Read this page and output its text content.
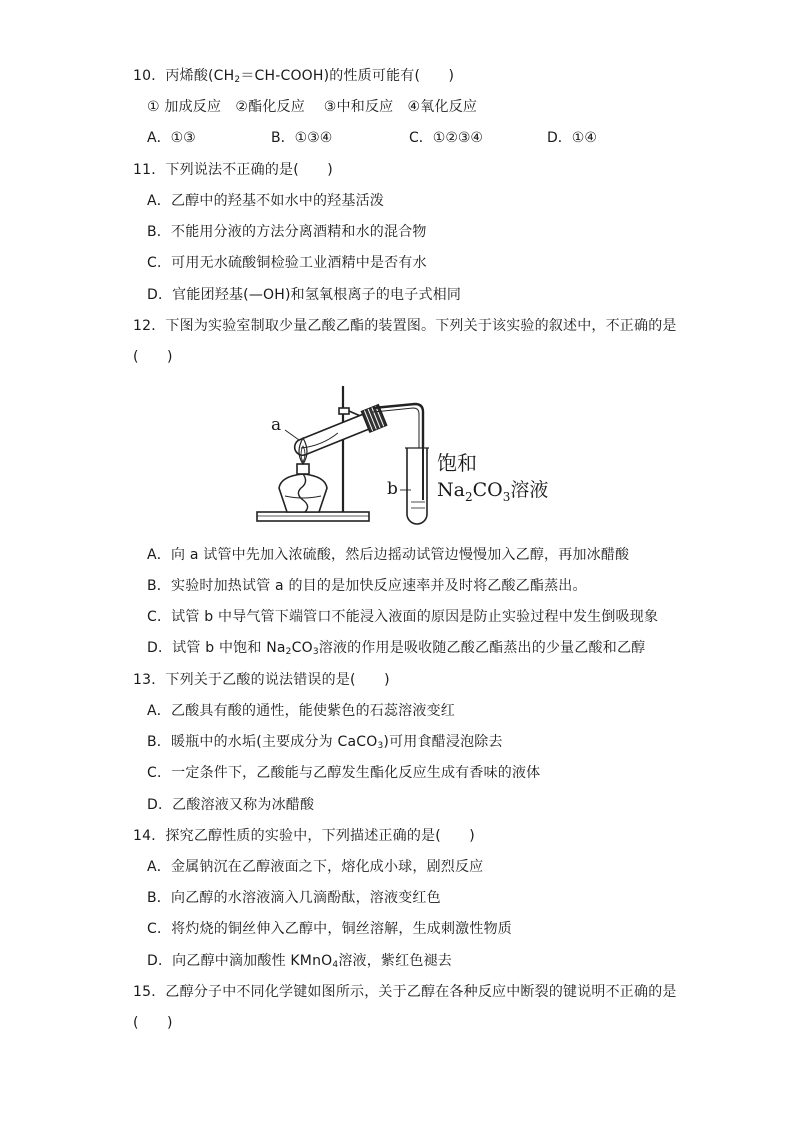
10．丙烯酸$(CH_2=CH-COOH)$的性质可能有(　　)
① 加成反应　②酯化反应　 ③中和反应　④氧化反应
A．①③	B．①③④	C．①②③④	D．①④
11．下列说法不正确的是(　　)
A．乙醇中的羟基不如水中的羟基活泼
B．不能用分液的方法分离酒精和水的混合物
C．可用无水硫酸铜检验工业酒精中是否有水
D．官能团羟基(—OH)和氢氧根离子的电子式相同
12．下图为实验室制取少量乙酸乙酯的装置图。下列关于该实验的叙述中，不正确的是
(　　)
a
b
饱和
$Na_2CO_3$溶液
A．向 a 试管中先加入浓硫酸，然后边摇动试管边慢慢加入乙醇，再加冰醋酸
B．实验时加热试管 a 的目的是加快反应速率并及时将乙酸乙酯蒸出。
C．试管 b 中导气管下端管口不能浸入液面的原因是防止实验过程中发生倒吸现象
D．试管 b 中饱和 $Na_2CO_3$溶液的作用是吸收随乙酸乙酯蒸出的少量乙酸和乙醇
13．下列关于乙酸的说法错误的是(　　)
A．乙酸具有酸的通性，能使紫色的石蕊溶液变红
B．暖瓶中的水垢(主要成分为 CaCO$_3$)可用食醋浸泡除去
C．一定条件下，乙酸能与乙醇发生酯化反应生成有香味的液体
D．乙酸溶液又称为冰醋酸
14．探究乙醇性质的实验中，下列描述正确的是(　　)
A．金属钠沉在乙醇液面之下，熔化成小球，剧烈反应
B．向乙醇的水溶液滴入几滴酚酞，溶液变红色
C．将灼烧的铜丝伸入乙醇中，铜丝溶解，生成刺激性物质
D．向乙醇中滴加酸性 KMnO$_4$溶液，紫红色褪去
15．乙醇分子中不同化学键如图所示，关于乙醇在各种反应中断裂的键说明不正确的是
(　　)
